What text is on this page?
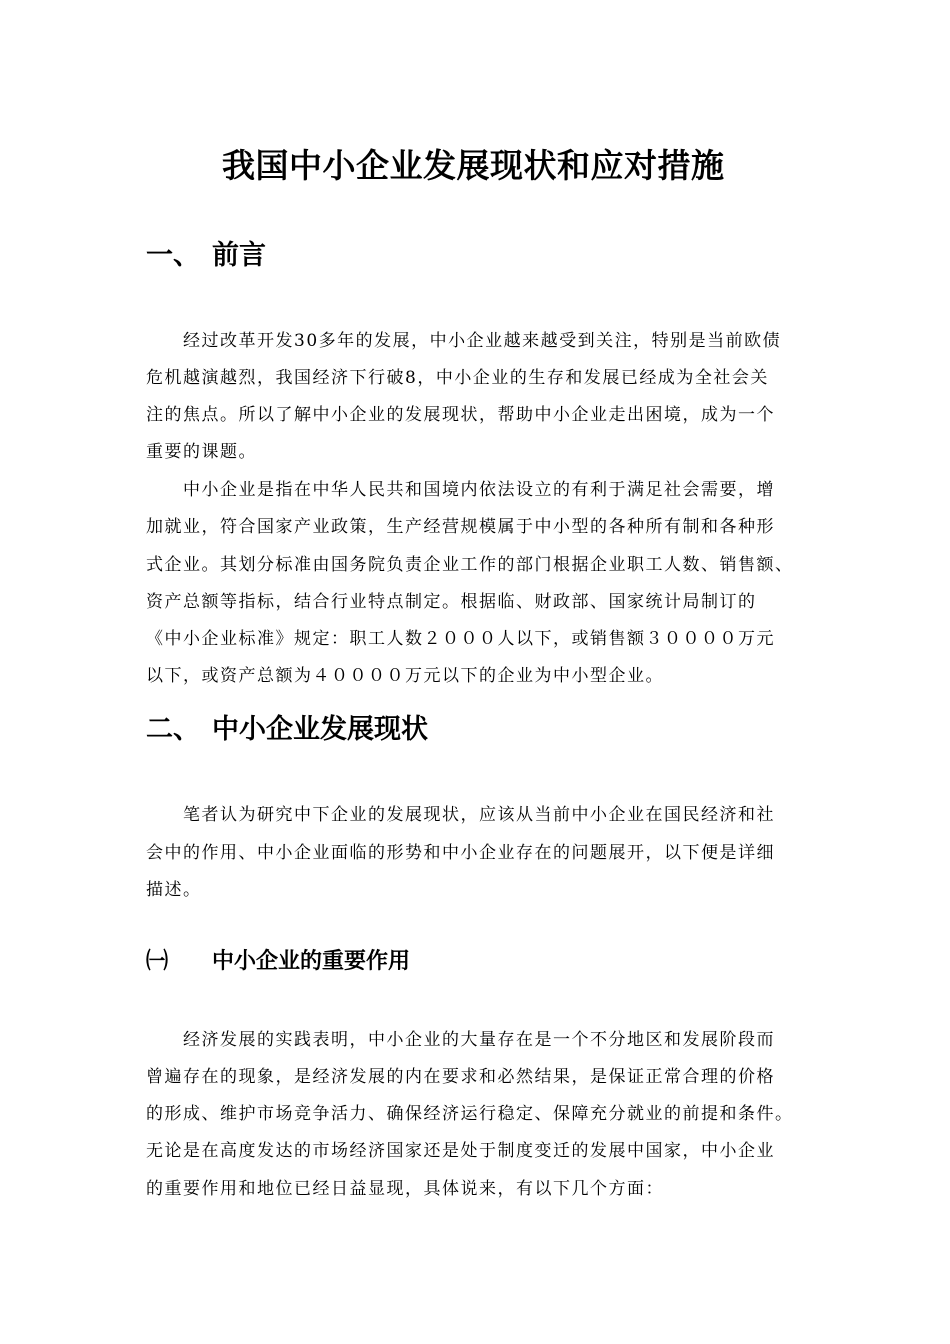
我国中小企业发展现状和应对措施
一、 前言
经过改革开发30多年的发展，中小企业越来越受到关注，特别是当前欧债
危机越演越烈，我国经济下行破8，中小企业的生存和发展已经成为全社会关
注的焦点。所以了解中小企业的发展现状，帮助中小企业走出困境，成为一个
重要的课题。
中小企业是指在中华人民共和国境内依法设立的有利于满足社会需要，增
加就业，符合国家产业政策，生产经营规模属于中小型的各种所有制和各种形
式企业。其划分标准由国务院负责企业工作的部门根据企业职工人数、销售额、
资产总额等指标，结合行业特点制定。根据临、财政部、国家统计局制订的
《中小企业标准》规定：职工人数２０００人以下，或销售额３００００万元
以下，或资产总额为４００００万元以下的企业为中小型企业。
二、 中小企业发展现状
笔者认为研究中下企业的发展现状，应该从当前中小企业在国民经济和社
会中的作用、中小企业面临的形势和中小企业存在的问题展开，以下便是详细
描述。
㈠ 中小企业的重要作用
经济发展的实践表明，中小企业的大量存在是一个不分地区和发展阶段而
曾遍存在的现象，是经济发展的内在要求和必然结果，是保证正常合理的价格
的形成、维护市场竞争活力、确保经济运行稳定、保障充分就业的前提和条件。
无论是在高度发达的市场经济国家还是处于制度变迁的发展中国家，中小企业
的重要作用和地位已经日益显现，具体说来，有以下几个方面：
